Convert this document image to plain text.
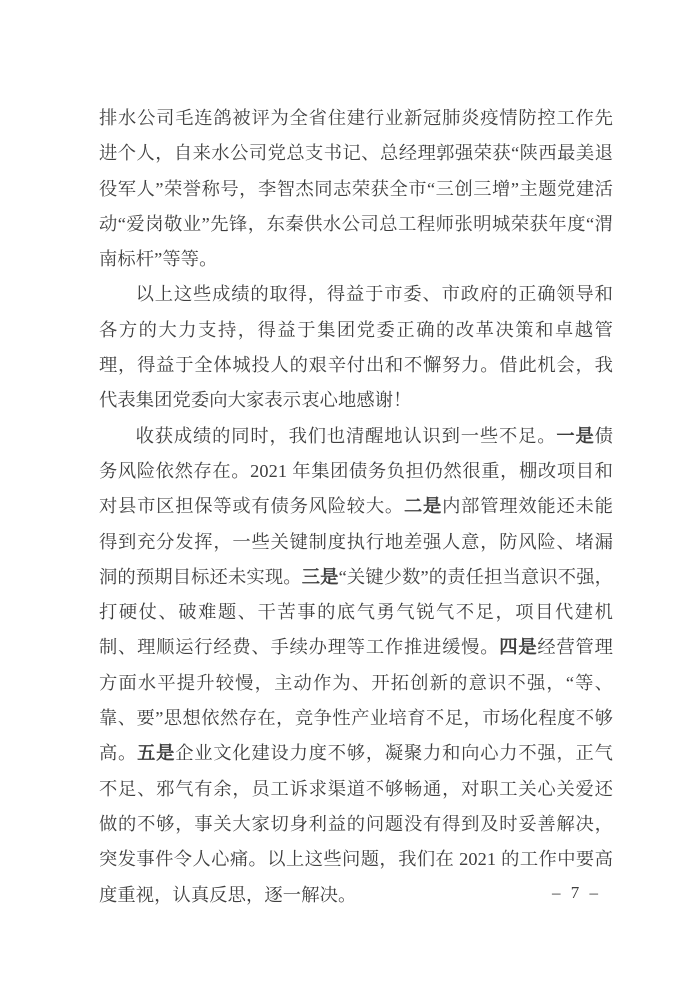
排水公司毛连鸽被评为全省住建行业新冠肺炎疫情防控工作先进个人，自来水公司党总支书记、总经理郭强荣获“陕西最美退役军人”荣誉称号，李智杰同志荣获全市“三创三增”主题党建活动“爱岗敬业”先锋，东秦供水公司总工程师张明城荣获年度“渭南标杆”等等。

以上这些成绩的取得，得益于市委、市政府的正确领导和各方的大力支持，得益于集团党委正确的改革决策和卓越管理，得益于全体城投人的艰辛付出和不懈努力。借此机会，我代表集团党委向大家表示衷心地感谢！

收获成绩的同时，我们也清醒地认识到一些不足。一是债务风险依然存在。2021 年集团债务负担仍然很重，棚改项目和对县市区担保等或有债务风险较大。二是内部管理效能还未能得到充分发挥，一些关键制度执行地差强人意，防风险、堵漏洞的预期目标还未实现。三是“关键少数”的责任担当意识不强，打硬仗、破难题、干苦事的底气勇气锐气不足，项目代建机制、理顺运行经费、手续办理等工作推进缓慢。四是经营管理方面水平提升较慢，主动作为、开拓创新的意识不强，“等、靠、要”思想依然存在，竞争性产业培育不足，市场化程度不够高。五是企业文化建设力度不够，凝聚力和向心力不强，正气不足、邪气有余，员工诉求渠道不够畅通，对职工关心关爱还做的不够，事关大家切身利益的问题没有得到及时妥善解决，突发事件令人心痛。以上这些问题，我们在 2021 的工作中要高度重视，认真反思，逐一解决。	– 7 –
